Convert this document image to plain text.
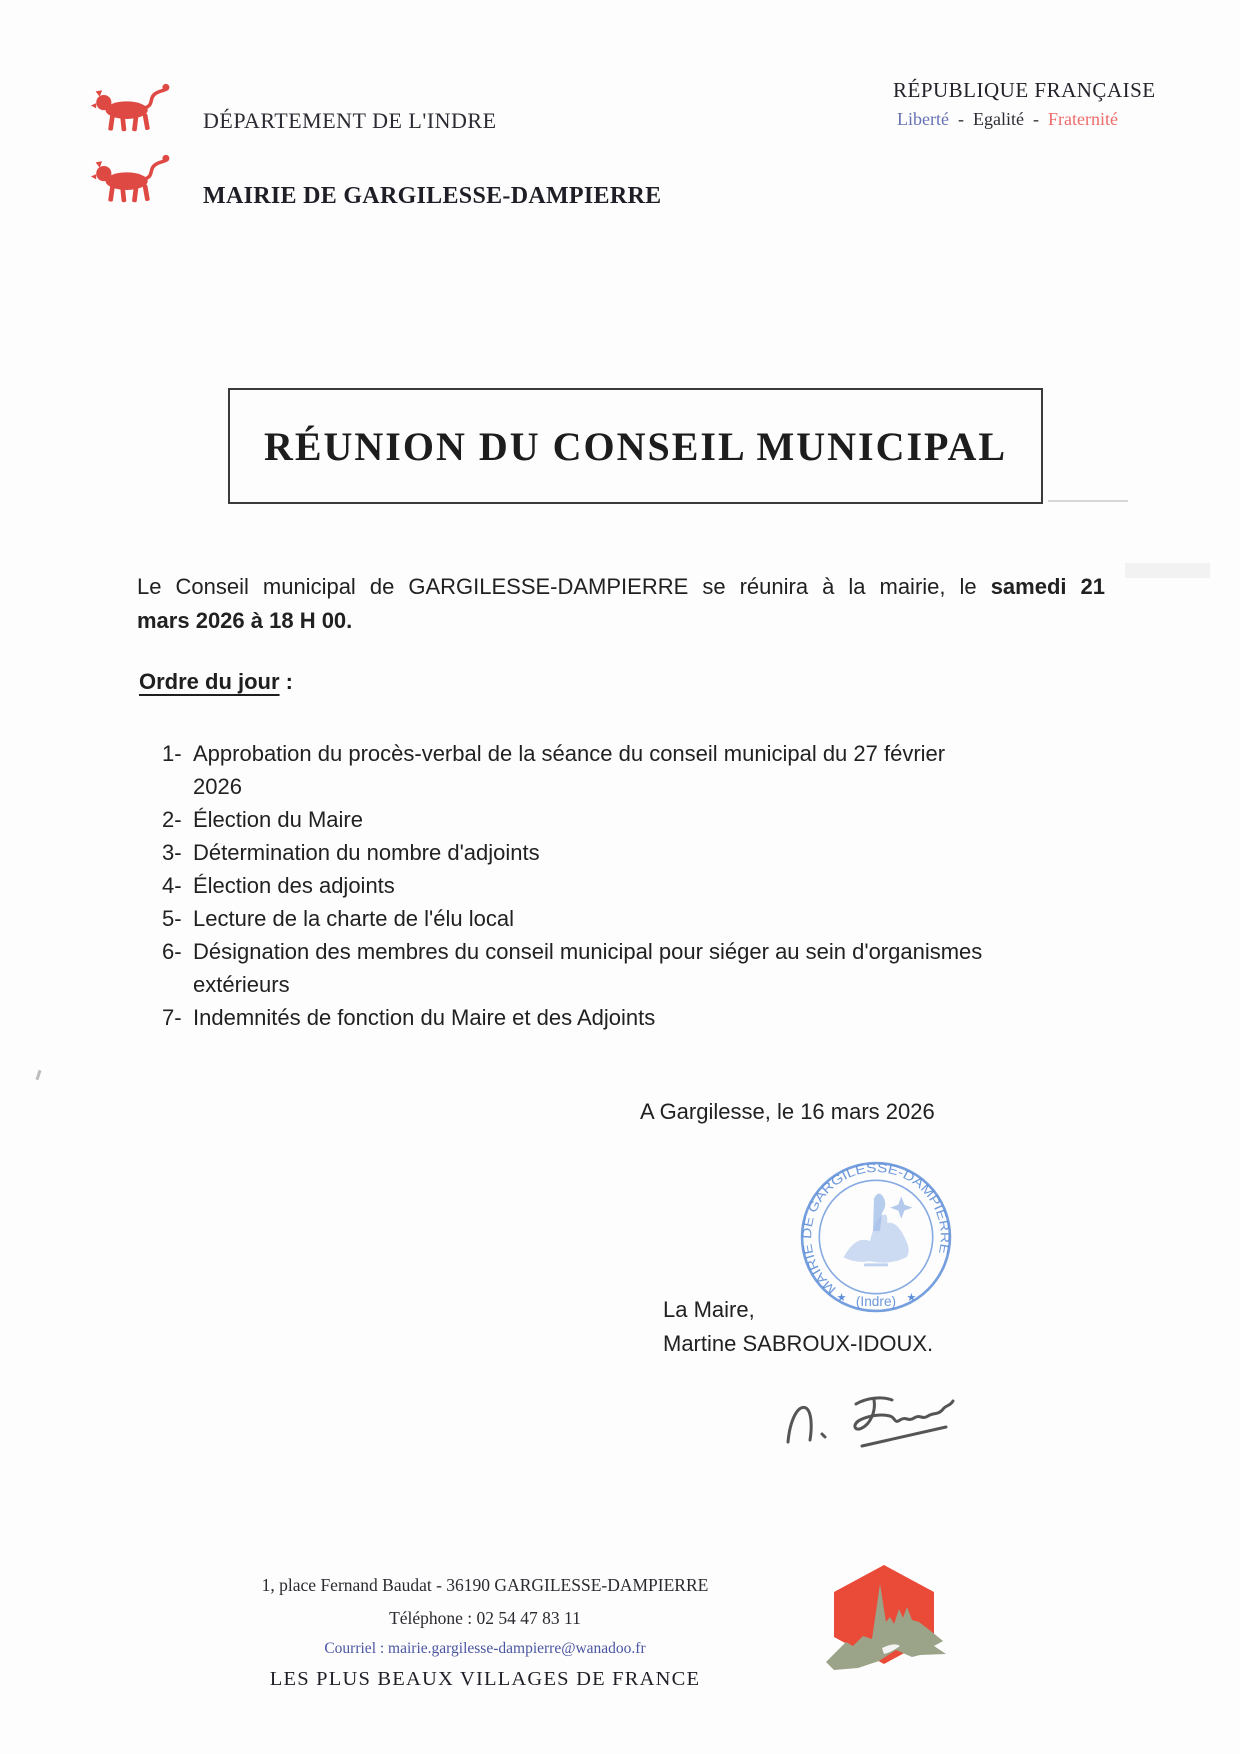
DÉPARTEMENT DE L'INDRE
MAIRIE DE GARGILESSE-DAMPIERRE
RÉPUBLIQUE FRANÇAISE
Liberté - Egalité - Fraternité
RÉUNION DU CONSEIL MUNICIPAL
Le Conseil municipal de GARGILESSE-DAMPIERRE se réunira à la mairie, le samedi 21
mars 2026 à 18 H 00.
Ordre du jour :
1- Approbation du procès-verbal de la séance du conseil municipal du 27 février
2026
2- Élection du Maire
3- Détermination du nombre d'adjoints
4- Élection des adjoints
5- Lecture de la charte de l'élu local
6- Désignation des membres du conseil municipal pour siéger au sein d'organismes
extérieurs
7- Indemnités de fonction du Maire et des Adjoints
A Gargilesse, le 16 mars 2026
MAIRIE DE GARGILESSE-DAMPIERRE
★	★
(Indre)
La Maire,
Martine SABROUX-IDOUX.
1, place Fernand Baudat - 36190 GARGILESSE-DAMPIERRE
Téléphone : 02 54 47 83 11
Courriel : mairie.gargilesse-dampierre@wanadoo.fr
LES PLUS BEAUX VILLAGES DE FRANCE
